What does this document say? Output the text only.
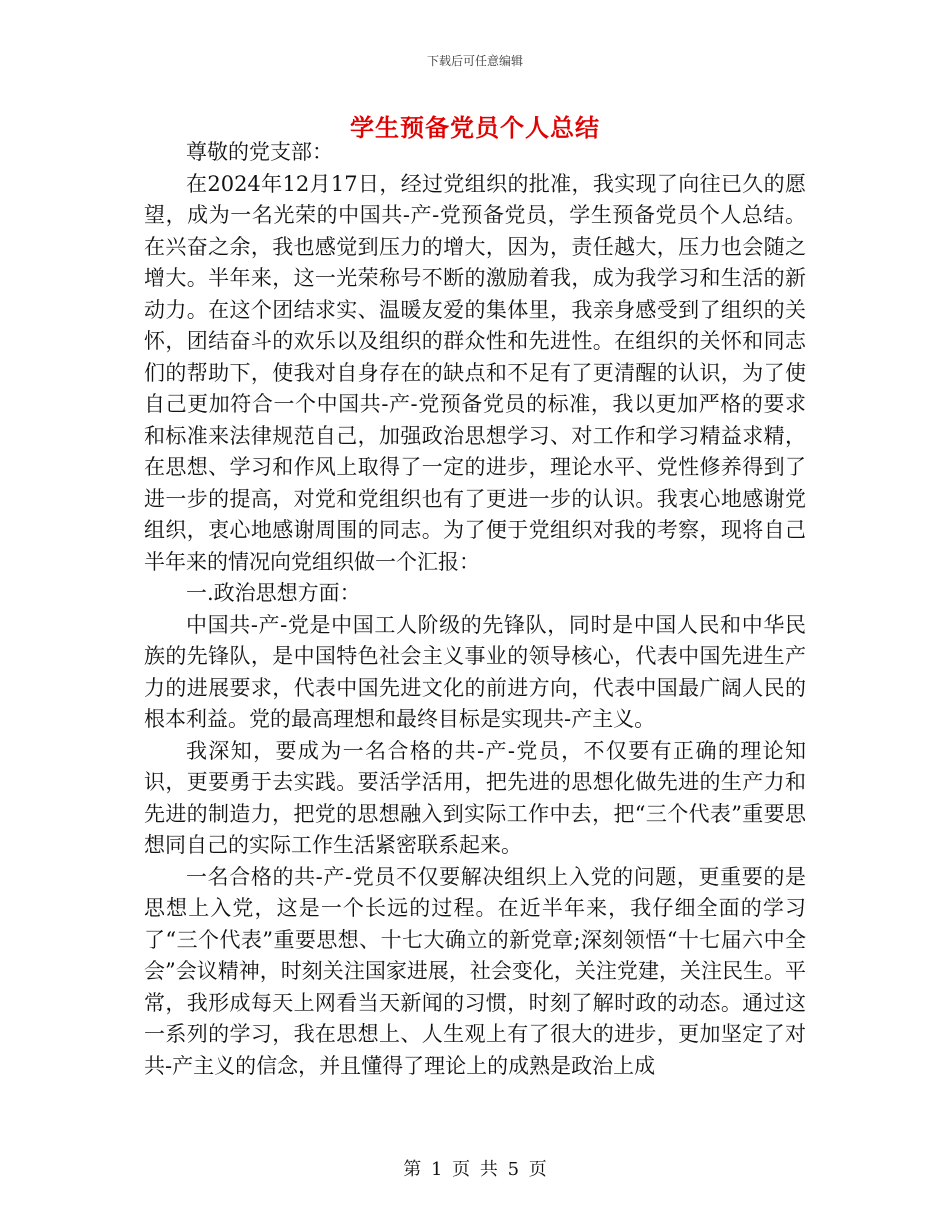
下载后可任意编辑
学生预备党员个人总结

尊敬的党支部：

在2024年12月17日，经过党组织的批准，我实现了向往已久的愿望，成为一名光荣的中国共-产-党预备党员，学生预备党员个人总结。在兴奋之余，我也感觉到压力的增大，因为，责任越大，压力也会随之增大。半年来，这一光荣称号不断的激励着我，成为我学习和生活的新动力。在这个团结求实、温暖友爱的集体里，我亲身感受到了组织的关怀，团结奋斗的欢乐以及组织的群众性和先进性。在组织的关怀和同志们的帮助下，使我对自身存在的缺点和不足有了更清醒的认识，为了使自己更加符合一个中国共-产-党预备党员的标准，我以更加严格的要求和标准来法律规范自己，加强政治思想学习、对工作和学习精益求精，在思想、学习和作风上取得了一定的进步，理论水平、党性修养得到了进一步的提高，对党和党组织也有了更进一步的认识。我衷心地感谢党组织，衷心地感谢周围的同志。为了便于党组织对我的考察，现将自己半年来的情况向党组织做一个汇报：

一.政治思想方面：

中国共-产-党是中国工人阶级的先锋队，同时是中国人民和中华民族的先锋队，是中国特色社会主义事业的领导核心，代表中国先进生产力的进展要求，代表中国先进文化的前进方向，代表中国最广阔人民的根本利益。党的最高理想和最终目标是实现共-产主义。

我深知，要成为一名合格的共-产-党员，不仅要有正确的理论知识，更要勇于去实践。要活学活用，把先进的思想化做先进的生产力和先进的制造力，把党的思想融入到实际工作中去，把“三个代表”重要思想同自己的实际工作生活紧密联系起来。

一名合格的共-产-党员不仅要解决组织上入党的问题，更重要的是思想上入党，这是一个长远的过程。在近半年来，我仔细全面的学习了“三个代表”重要思想、十七大确立的新党章;深刻领悟“十七届六中全会”会议精神，时刻关注国家进展，社会变化，关注党建，关注民生。平常，我形成每天上网看当天新闻的习惯，时刻了解时政的动态。通过这一系列的学习，我在思想上、人生观上有了很大的进步，更加坚定了对共-产主义的信念，并且懂得了理论上的成熟是政治上成

第 1 页 共 5 页
